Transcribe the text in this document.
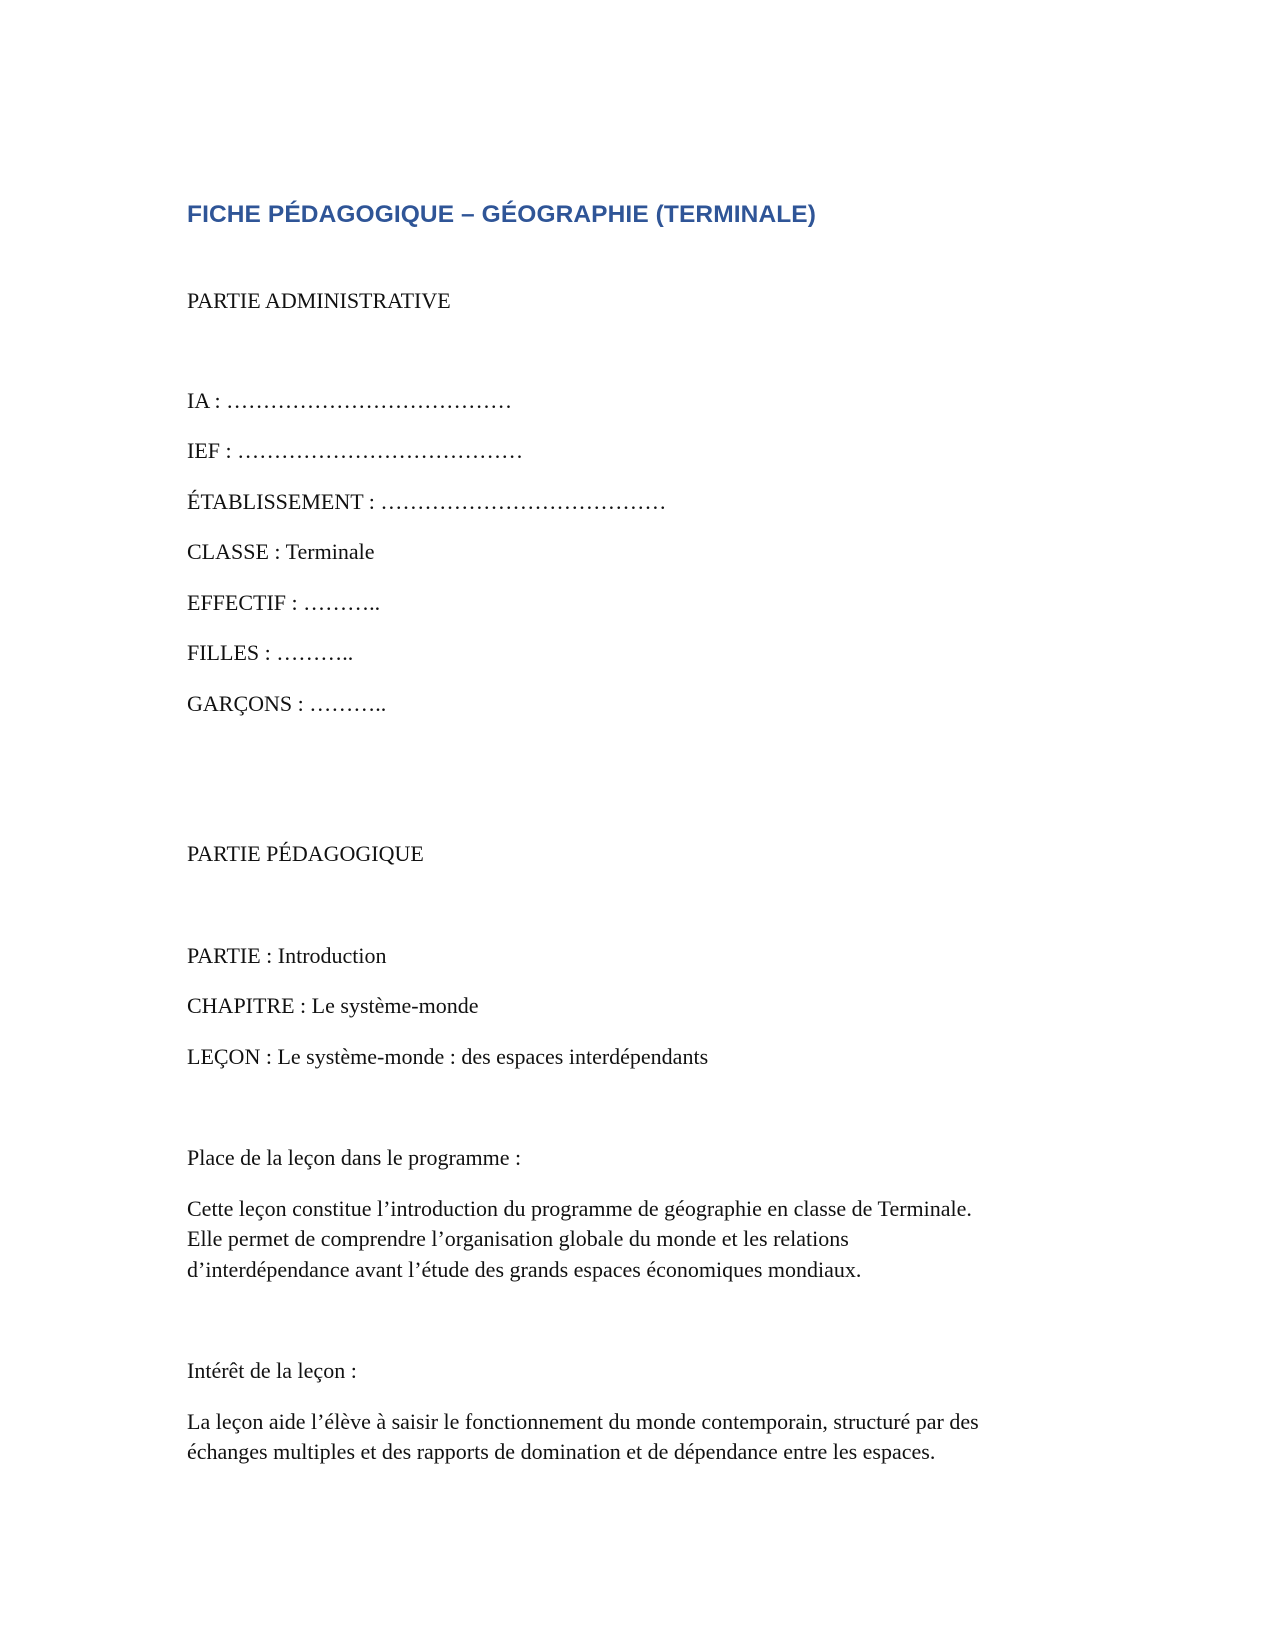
FICHE PÉDAGOGIQUE – GÉOGRAPHIE (TERMINALE)

PARTIE ADMINISTRATIVE

IA : …………………………………

IEF : …………………………………

ÉTABLISSEMENT : …………………………………

CLASSE : Terminale

EFFECTIF : ………..

FILLES : ………..

GARÇONS : ………..

PARTIE PÉDAGOGIQUE

PARTIE : Introduction

CHAPITRE : Le système-monde

LEÇON : Le système-monde : des espaces interdépendants

Place de la leçon dans le programme :

Cette leçon constitue l’introduction du programme de géographie en classe de Terminale.

Elle permet de comprendre l’organisation globale du monde et les relations

d’interdépendance avant l’étude des grands espaces économiques mondiaux.

Intérêt de la leçon :

La leçon aide l’élève à saisir le fonctionnement du monde contemporain, structuré par des

échanges multiples et des rapports de domination et de dépendance entre les espaces.
